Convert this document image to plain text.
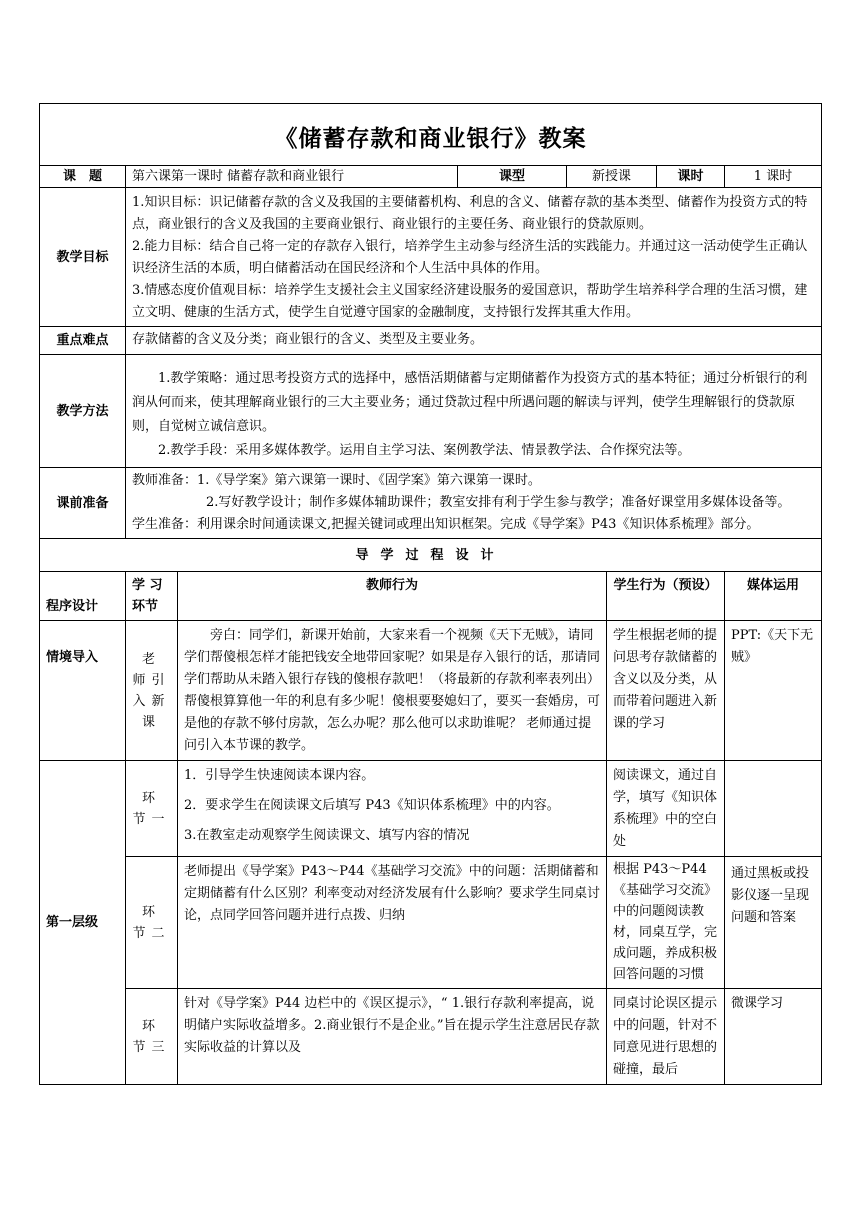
《储蓄存款和商业银行》教案							
课　题	第六课第一课时 储蓄存款和商业银行		课型	新授课		课时	1 课时
教学目标	1.知识目标：识记储蓄存款的含义及我国的主要储蓄机构、利息的含义、储蓄存款的基本类型、储蓄作为投资方式的特点，商业银行的含义及我国的主要商业银行、商业银行的主要任务、商业银行的贷款原则。

2.能力目标：结合自己将一定的存款存入银行，培养学生主动参与经济生活的实践能力。并通过这一活动使学生正确认识经济生活的本质，明白储蓄活动在国民经济和个人生活中具体的作用。

3.情感态度价值观目标：培养学生支援社会主义国家经济建设服务的爱国意识，帮助学生培养科学合理的生活习惯，建立文明、健康的生活方式，使学生自觉遵守国家的金融制度，支持银行发挥其重大作用。						

重点难点	存款储蓄的含义及分类；商业银行的含义、类型及主要业务。						
教学方法	1.教学策略：通过思考投资方式的选择中，感悟活期储蓄与定期储蓄作为投资方式的基本特征；通过分析银行的利润从何而来，使其理解商业银行的三大主要业务；通过贷款过程中所遇问题的解读与评判，使学生理解银行的贷款原则，自觉树立诚信意识。

2.教学手段：采用多媒体教学。运用自主学习法、案例教学法、情景教学法、合作探究法等。						

课前准备	教师准备：1.《导学案》第六课第一课时、《固学案》第六课第一课时。

2.写好教学设计；制作多媒体辅助课件；教室安排有利于学生参与教学；准备好课堂用多媒体设备等。

学生准备：利用课余时间通读课文,把握关键词或理出知识框架。完成《导学案》P43《知识体系梳理》部分。						

导学过程设计							
程序设计	学 习环节	教师行为			学生行为（预设）		媒体运用
情境导入	老 师引 入新课	旁白：同学们，新课开始前，大家来看一个视频《天下无贼》，请同学们帮傻根怎样才能把钱安全地带回家呢？如果是存入银行的话，那请同学们帮助从未踏入银行存钱的傻根存款吧！（将最新的存款利率表列出）帮傻根算算他一年的利息有多少呢！傻根要娶媳妇了，要买一套婚房，可是他的存款不够付房款，怎么办呢？那么他可以求助谁呢？ 老师通过提问引入本节课的教学。			学生根据老师的提问思考存款储蓄的含义以及分类，从而带着问题进入新课的学习		PPT:《天下无贼》
第一层级	环 节一	1．引导学生快速阅读本课内容。

2．要求学生在阅读课文后填写 P43《知识体系梳理》中的内容。

3.在教室走动观察学生阅读课文、填写内容的情况			阅读课文，通过自学，填写《知识体系梳理》中的空白处		
	环 节二	老师提出《导学案》P43～P44《基础学习交流》中的问题：活期储蓄和定期储蓄有什么区别？利率变动对经济发展有什么影响？要求学生同桌讨论，点同学回答问题并进行点拨、归纳			根据 P43～P44《基础学习交流》中的问题阅读教材，同桌互学，完成问题，养成积极回答问题的习惯		通过黑板或投影仪逐一呈现问题和答案
	环 节三	针对《导学案》P44 边栏中的《误区提示》，“ 1.银行存款利率提高，说明储户实际收益增多。2.商业银行不是企业。”旨在提示学生注意居民存款实际收益的计算以及			同桌讨论误区提示中的问题，针对不同意见进行思想的碰撞，最后		微课学习
